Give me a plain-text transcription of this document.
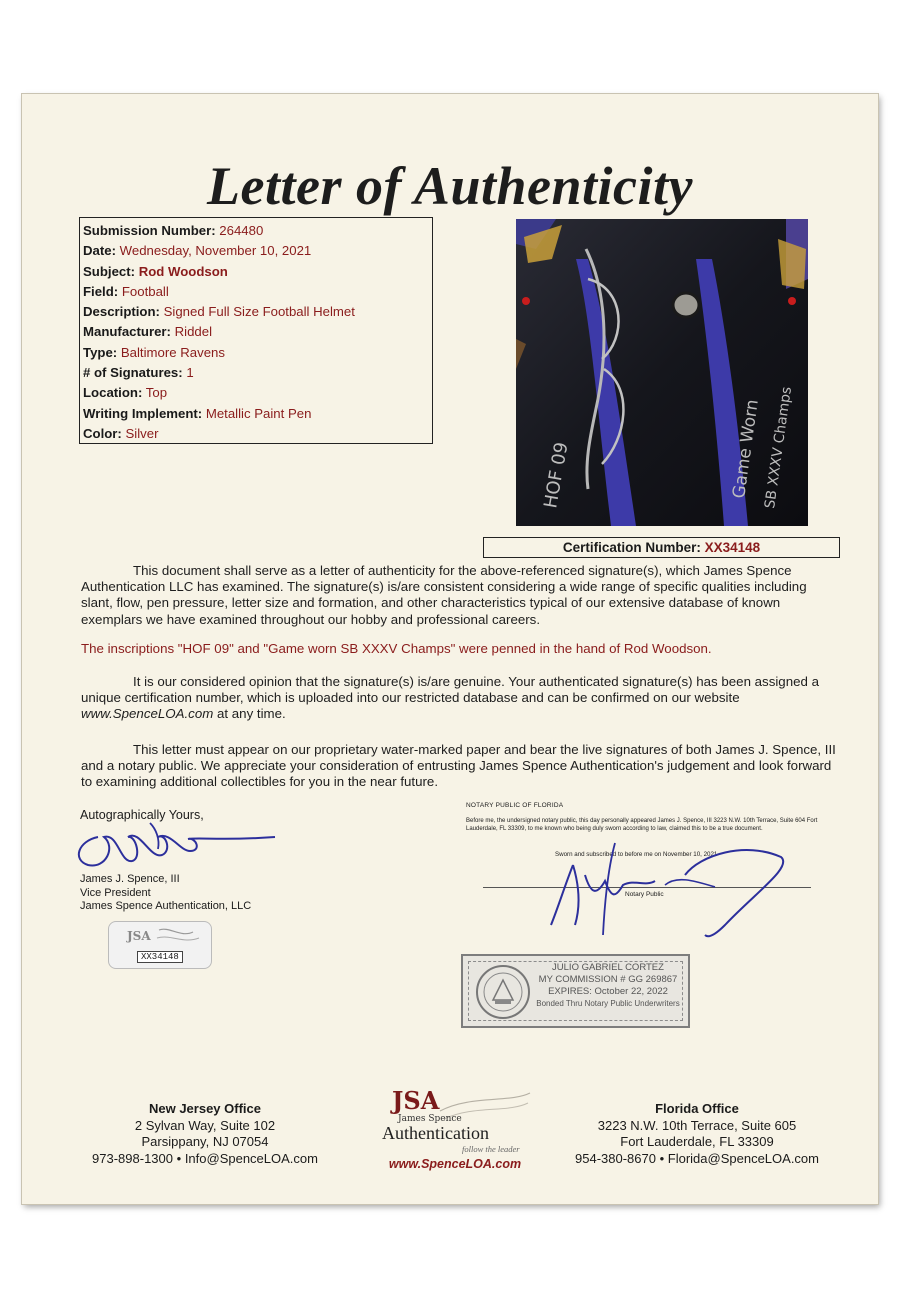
Letter of Authenticity
Submission Number: 264480
Date: Wednesday, November 10, 2021
Subject: Rod Woodson
Field: Football
Description: Signed Full Size Football Helmet
Manufacturer: Riddel
Type: Baltimore Ravens
# of Signatures: 1
Location: Top
Writing Implement: Metallic Paint Pen
Color: Silver
HOF 09	Game Worn SB XXXV Champs
Certification Number: XX34148
This document shall serve as a letter of authenticity for the above-referenced signature(s), which James Spence Authentication LLC has examined. The signature(s) is/are consistent considering a wide range of specific qualities including slant, flow, pen pressure, letter size and formation, and other characteristics typical of our extensive database of known exemplars we have examined throughout our hobby and professional careers.
The inscriptions "HOF 09" and "Game worn SB XXXV Champs" were penned in the hand of Rod Woodson.
It is our considered opinion that the signature(s) is/are genuine. Your authenticated signature(s) has been assigned a unique certification number, which is uploaded into our restricted database and can be confirmed on our website www.SpenceLOA.com at any time.
This letter must appear on our proprietary water-marked paper and bear the live signatures of both James J. Spence, III and a notary public. We appreciate your consideration of entrusting James Spence Authentication's judgement and look forward to examining additional collectibles for you in the near future.
Autographically Yours,
James J. Spence, III
Vice President
James Spence Authentication, LLC
JSA
XX34148
NOTARY PUBLIC OF FLORIDA
Before me, the undersigned notary public, this day personally appeared James J. Spence, III 3223 N.W. 10th Terrace, Suite 604 Fort Lauderdale, FL 33309, to me known who being duly sworn according to law, claimed this to be a true document.
Sworn and subscribed to before me on November 10, 2021
Notary Public
JULIO GABRIEL CORTEZ
MY COMMISSION # GG 269867
EXPIRES: October 22, 2022
Bonded Thru Notary Public Underwriters
New Jersey Office
2 Sylvan Way, Suite 102
Parsippany, NJ 07054
973-898-1300 • Info@SpenceLOA.com
JSA
James Spence
Authentication
follow the leader
www.SpenceLOA.com
Florida Office
3223 N.W. 10th Terrace, Suite 605
Fort Lauderdale, FL 33309
954-380-8670 • Florida@SpenceLOA.com
